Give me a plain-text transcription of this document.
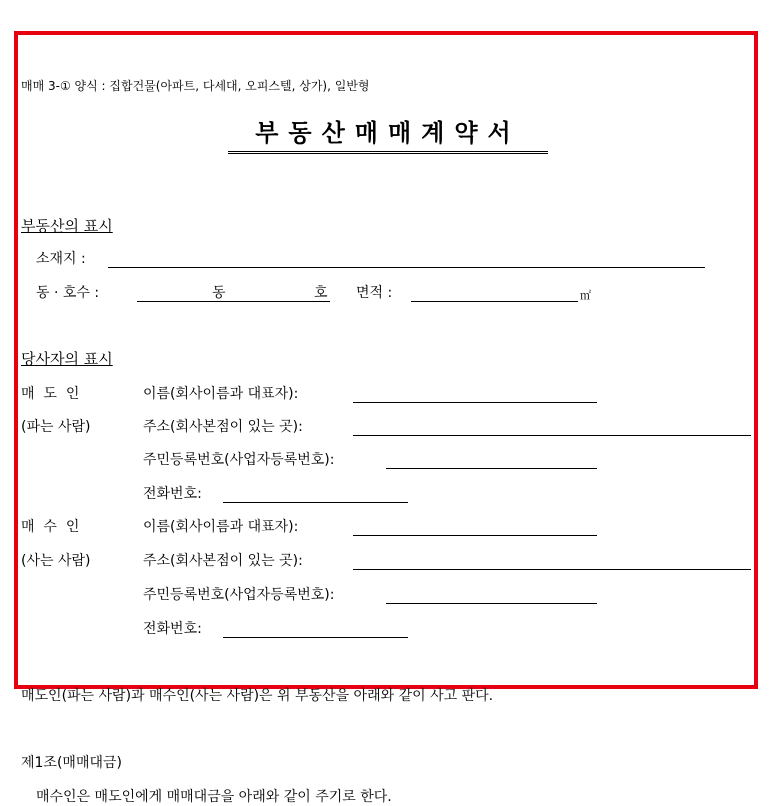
매매 3-① 양식 : 집합건물(아파트, 다세대, 오피스텔, 상가), 일반형
부동산매매계약서
부동산의 표시
소재지 :
동 · 호수 :	동	호 면적 :	㎡
당사자의 표시
매  도  인	이름(회사이름과 대표자):
(파는 사람)	주소(회사본점이 있는 곳):
주민등록번호(사업자등록번호):
전화번호:
매  수  인	이름(회사이름과 대표자):
(사는 사람)	주소(회사본점이 있는 곳):
주민등록번호(사업자등록번호):
전화번호:
매도인(파는 사람)과 매수인(사는 사람)은 위 부동산을 아래와 같이 사고 판다.
제1조(매매대금)
매수인은 매도인에게 매매대금을 아래와 같이 주기로 한다.
